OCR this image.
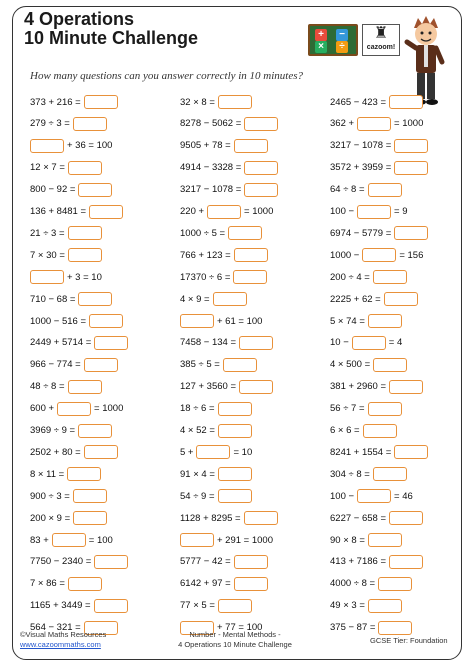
4 Operations
10 Minute Challenge	+	−
×	÷
♜
cazoom!
How many questions can you answer correctly in 10 minutes?
373 + 216 =
279 ÷ 3 =
+ 36 = 100
12 × 7 =
800 − 92 =
136 + 8481 =
21 ÷ 3 =
7 × 30 =
+ 3 = 10
710 − 68 =
1000 − 516 =
2449 + 5714 =
966 − 774 =
48 ÷ 8 =
600 +	= 1000
3969 ÷ 9 =
2502 + 80 =
8 × 11 =
900 ÷ 3 =
200 × 9 =
83 +	= 100
7750 − 2340 =
7 × 86 =
1165 + 3449 =
564 − 321 =
32 × 8 =
8278 − 5062 =
9505 + 78 =
4914 − 3328 =
3217 − 1078 =
220 +	= 1000
1000 ÷ 5 =
766 + 123 =
17370 ÷ 6 =
4 × 9 =
+ 61 = 100
7458 − 134 =
385 ÷ 5 =
127 + 3560 =
18 ÷ 6 =
4 × 52 =
5 +	= 10
91 × 4 =
54 ÷ 9 =
1128 + 8295 =
+ 291 = 1000
5777 − 42 =
6142 + 97 =
77 × 5 =
+ 77 = 100
2465 − 423 =
362 +	= 1000
3217 − 1078 =
3572 + 3959 =
64 ÷ 8 =
100 −	= 9
6974 − 5779 =
1000 −	= 156
200 ÷ 4 =
2225 + 62 =
5 × 74 =
10 −	= 4
4 × 500 =
381 + 2960 =
56 ÷ 7 =
6 × 6 =
8241 + 1554 =
304 ÷ 8 =
100 −	= 46
6227 − 658 =
90 × 8 =
413 + 7186 =
4000 ÷ 8 =
49 × 3 =
375 − 87 =
©Visual Maths Resources
www.cazoommaths.com
Number - Mental Methods -
4 Operations 10 Minute Challenge	GCSE Tier: Foundation
